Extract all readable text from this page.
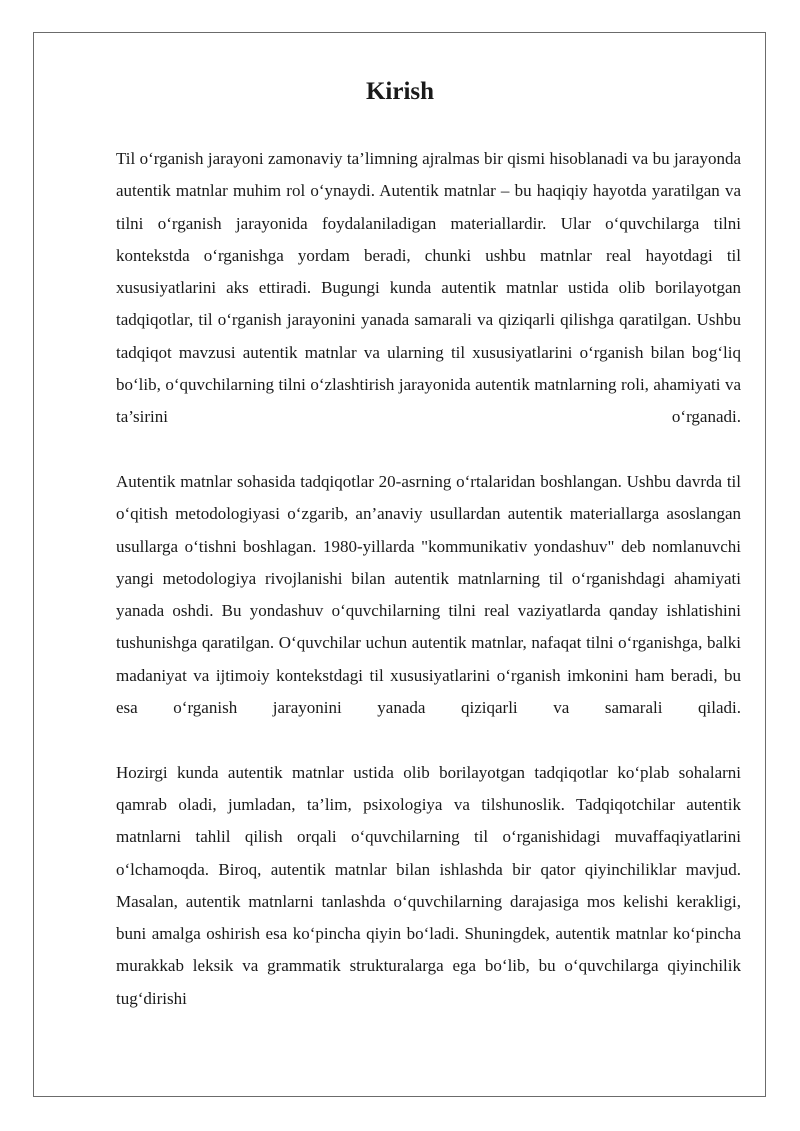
Kirish

Til o‘rganish jarayoni zamonaviy ta’limning ajralmas bir qismi hisoblanadi va bu jarayonda autentik matnlar muhim rol o‘ynaydi. Autentik matnlar – bu haqiqiy hayotda yaratilgan va tilni o‘rganish jarayonida foydalaniladigan materiallardir. Ular o‘quvchilarga tilni kontekstda o‘rganishga yordam beradi, chunki ushbu matnlar real hayotdagi til xususiyatlarini aks ettiradi. Bugungi kunda autentik matnlar ustida olib borilayotgan tadqiqotlar, til o‘rganish jarayonini yanada samarali va qiziqarli qilishga qaratilgan. Ushbu tadqiqot mavzusi autentik matnlar va ularning til xususiyatlarini o‘rganish bilan bog‘liq bo‘lib, o‘quvchilarning tilni o‘zlashtirish jarayonida autentik matnlarning roli, ahamiyati va ta’sirini o‘rganadi.

Autentik matnlar sohasida tadqiqotlar 20-asrning o‘rtalaridan boshlangan. Ushbu davrda til o‘qitish metodologiyasi o‘zgarib, an’anaviy usullardan autentik materiallarga asoslangan usullarga o‘tishni boshlagan. 1980-yillarda "kommunikativ yondashuv" deb nomlanuvchi yangi metodologiya rivojlanishi bilan autentik matnlarning til o‘rganishdagi ahamiyati yanada oshdi. Bu yondashuv o‘quvchilarning tilni real vaziyatlarda qanday ishlatishini tushunishga qaratilgan. O‘quvchilar uchun autentik matnlar, nafaqat tilni o‘rganishga, balki madaniyat va ijtimoiy kontekstdagi til xususiyatlarini o‘rganish imkonini ham beradi, bu esa o‘rganish jarayonini yanada qiziqarli va samarali qiladi.

Hozirgi kunda autentik matnlar ustida olib borilayotgan tadqiqotlar ko‘plab sohalarni qamrab oladi, jumladan, ta’lim, psixologiya va tilshunoslik. Tadqiqotchilar autentik matnlarni tahlil qilish orqali o‘quvchilarning til o‘rganishidagi muvaffaqiyatlarini o‘lchamoqda. Biroq, autentik matnlar bilan ishlashda bir qator qiyinchiliklar mavjud. Masalan, autentik matnlarni tanlashda o‘quvchilarning darajasiga mos kelishi kerakligi, buni amalga oshirish esa ko‘pincha qiyin bo‘ladi. Shuningdek, autentik matnlar ko‘pincha murakkab leksik va grammatik strukturalarga ega bo‘lib, bu o‘quvchilarga qiyinchilik tug‘dirishi
